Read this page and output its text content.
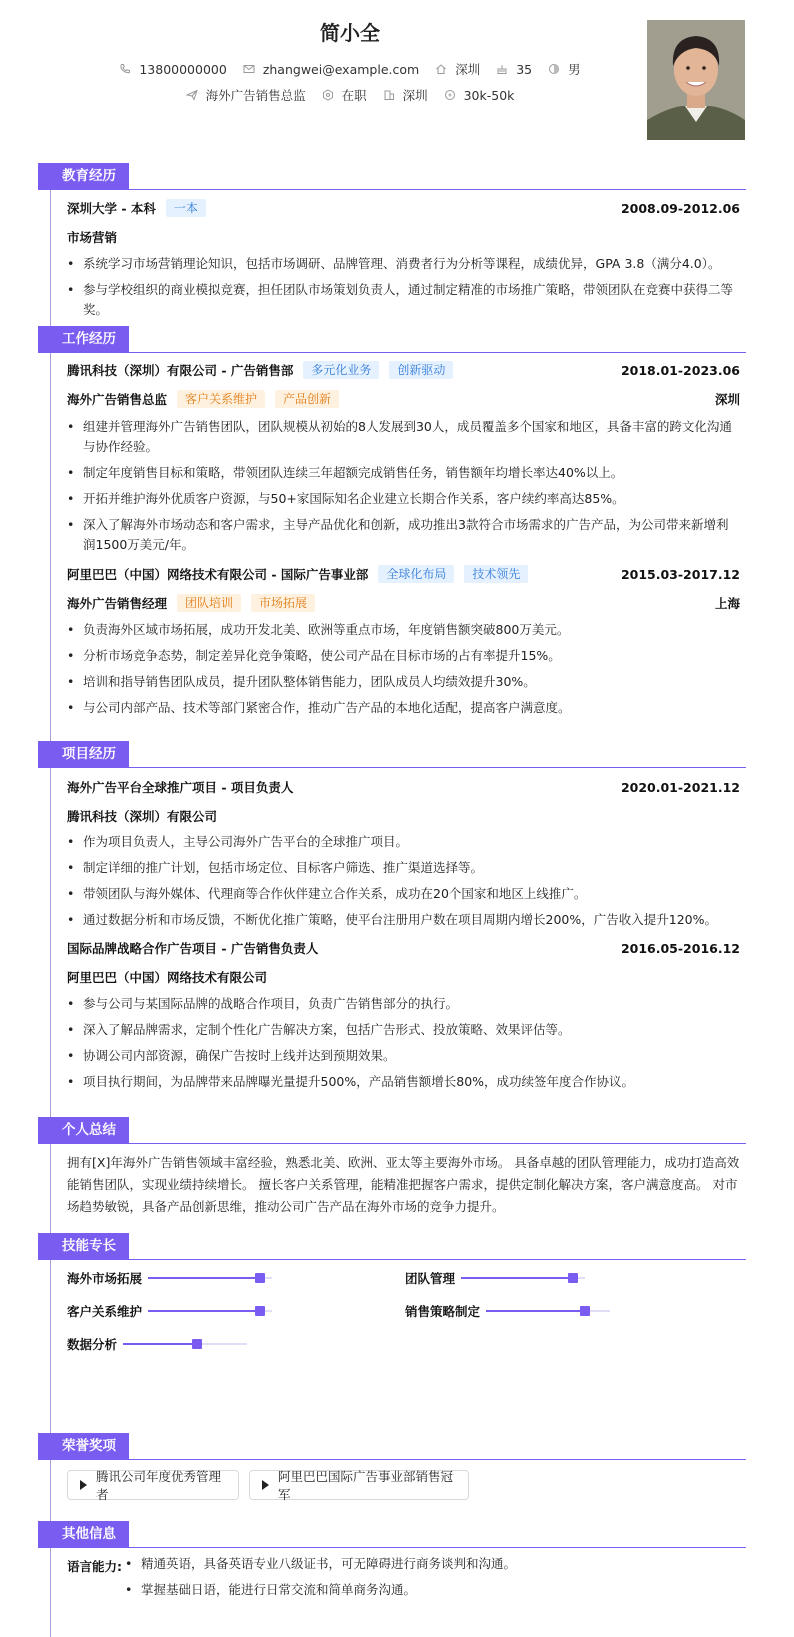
简小全
13800000000	zhangwei@example.com	深圳	35	男
海外广告销售总监	在职	深圳	30k-50k
教育经历
深圳大学 - 本科	一本	2008.09-2012.06
市场营销
• 系统学习市场营销理论知识，包括市场调研、品牌管理、消费者行为分析等课程，成绩优异，GPA 3.8（满分4.0）。
• 参与学校组织的商业模拟竞赛，担任团队市场策划负责人，通过制定精准的市场推广策略，带领团队在竞赛中获得二等奖。
工作经历
腾讯科技（深圳）有限公司 - 广告销售部	多元化业务	创新驱动	2018.01-2023.06
海外广告销售总监	客户关系维护	产品创新	深圳
• 组建并管理海外广告销售团队，团队规模从初始的8人发展到30人，成员覆盖多个国家和地区，具备丰富的跨文化沟通与协作经验。
• 制定年度销售目标和策略，带领团队连续三年超额完成销售任务，销售额年均增长率达40%以上。
• 开拓并维护海外优质客户资源，与50+家国际知名企业建立长期合作关系，客户续约率高达85%。
• 深入了解海外市场动态和客户需求，主导产品优化和创新，成功推出3款符合市场需求的广告产品，为公司带来新增利润1500万美元/年。
阿里巴巴（中国）网络技术有限公司 - 国际广告事业部	全球化布局	技术领先	2015.03-2017.12
海外广告销售经理	团队培训	市场拓展	上海
• 负责海外区域市场拓展，成功开发北美、欧洲等重点市场，年度销售额突破800万美元。
• 分析市场竞争态势，制定差异化竞争策略，使公司产品在目标市场的占有率提升15%。
• 培训和指导销售团队成员，提升团队整体销售能力，团队成员人均绩效提升30%。
• 与公司内部产品、技术等部门紧密合作，推动广告产品的本地化适配，提高客户满意度。
项目经历
海外广告平台全球推广项目 - 项目负责人	2020.01-2021.12
腾讯科技（深圳）有限公司
• 作为项目负责人，主导公司海外广告平台的全球推广项目。
• 制定详细的推广计划，包括市场定位、目标客户筛选、推广渠道选择等。
• 带领团队与海外媒体、代理商等合作伙伴建立合作关系，成功在20个国家和地区上线推广。
• 通过数据分析和市场反馈，不断优化推广策略，使平台注册用户数在项目周期内增长200%，广告收入提升120%。
国际品牌战略合作广告项目 - 广告销售负责人	2016.05-2016.12
阿里巴巴（中国）网络技术有限公司
• 参与公司与某国际品牌的战略合作项目，负责广告销售部分的执行。
• 深入了解品牌需求，定制个性化广告解决方案，包括广告形式、投放策略、效果评估等。
• 协调公司内部资源，确保广告按时上线并达到预期效果。
• 项目执行期间，为品牌带来品牌曝光量提升500%，产品销售额增长80%，成功续签年度合作协议。
个人总结
拥有[X]年海外广告销售领域丰富经验，熟悉北美、欧洲、亚太等主要海外市场。 具备卓越的团队管理能力，成功打造高效能销售团队，实现业绩持续增长。 擅长客户关系管理，能精准把握客户需求，提供定制化解决方案，客户满意度高。 对市场趋势敏锐，具备产品创新思维，推动公司广告产品在海外市场的竞争力提升。
技能专长
海外市场拓展	团队管理
客户关系维护	销售策略制定
数据分析
荣誉奖项
腾讯公司年度优秀管理者
阿里巴巴国际广告事业部销售冠军
其他信息
语言能力:
•	精通英语，具备英语专业八级证书，可无障碍进行商务谈判和沟通。
• 掌握基础日语，能进行日常交流和简单商务沟通。
